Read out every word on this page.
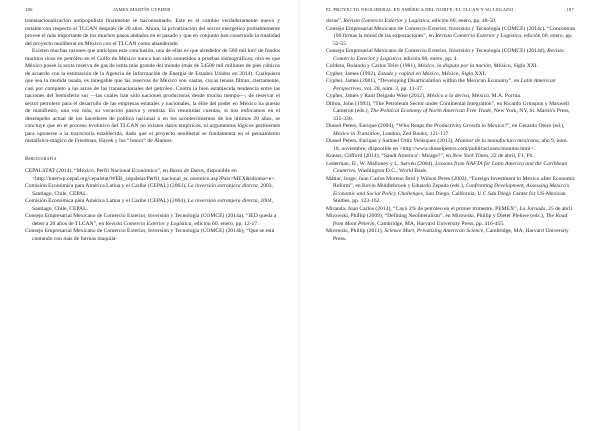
186	JAMES MARTÍN CYPHER

transnacionalización antipopulista finalmente se haconsumado. Este es el cambio verdaderamente nuevo y notable con respecto al TLCAN después de 20 años. Ahora, la privatización del sector energético probablemente provee el más importante de los muchos pasos andados en el pasado y que en conjunto han construido la totalidad del proyecto neoliberal en México con el TLCAN como abanderado.

Existen muchas razones que anticipan esta conclusión, una de ellas es que alrededor de 500 mil km² de fondos marinos ricos en petróleo en el Golfo de México nunca han sido sometidos a pruebas sismográficas; otra es que México posee la sexta reserva de gas de lutita más grande del mundo (más de 54500 mil millones de pies cúbicos de acuerdo con la estimación de la Agencia de Información de Energía de Estados Unidos en 2014). Cualquiera que sea la medida usada, es innegable que las reservas de México son vastas, cuyas tensas filtran, ciertamente, casi por completo a las arcas de las transnacionales del petróleo. Contra la bien establecida tendencia entre las naciones del hemisferio sur —las cuales han sido naciones productoras desde mucho tiempo—, de reservar el sector petrolero para el desarrollo de las empresas estatales y nacionales, la élite del poder en México ha puesto de manifiesto, una vez más, su vocación pasiva y rentista. En resumidas cuentas, si nos enfocamos en el desempeño actual de los hacedores de política nacional o en los acontecimientos de los últimos 20 años, se concluye que en el proceso evolutivo del TLCAN no existen datos empíricos, ni argumentos lógicos pertinentes para oponerse a la trayectoria establecida, dado que el proyecto neoliberal se fundamenta en el pensamiento metafísico-mágico de Friedman, Hayek y los “Junior” de Álamos.

Bibliografía

CEPALSTAT (2014), “México, Perfil Nacional Económico”, en Bases de Datos, disponible en <http://interwp.cepal.org/cepalstat/WEB_cepalstat/Perfil_nacional_ec onomico.asp?Pais=MEX&idioma=e>.

Comisión Económica para América Latina y el Caribe (CEPAL) (2003), La inversión extranjera directa, 2003, Santiago, Chile, CEPAL.

Comisión Económica para América Latina y el Caribe (CEPAL) (2004), La inversión extranjera directa, 2004, Santiago, Chile, CEPAL.

Consejo Empresarial Mexicano de Comercio Exterior, Inversión y Tecnología (COMCE) (2014a), “IED queda a deber a 20 años de TLCAN”, en Revista Comercio Exterior y Logística, edición 60, enero, pp. 12-17.

Consejo Empresarial Mexicano de Comercio Exterior, Inversión y Tecnología (COMCE) (2014b), “Que se está contando con más de formas maquila-

EL PROYECTO NEOLIBERAL EN AMÉRICA DEL NORTE: EL TLCAN Y SU LEGADO	187

doras”, Revista Comercio Exterior y Logística, edición 60, enero, pp. 48-50.

Consejo Empresarial Mexicano de Comercio Exterior, Inversión y Tecnología (COMCE) (2014c), “Concentran 100 firmas la mitad de las exportaciones”, en Revista Comercio Exterior y Logística, edición 60, enero, pp. 52-55.

Consejo Empresarial Mexicano de Comercio Exterior, Inversión y Tecnología (COMCE) (2014d), Revista Comercio Exterior y Logística, edición 60, enero, pp. 4.

Cordera, Rolando y Carlos Tello (1981), México, la disputa por la nación, México, Siglo XXI.

Cypher, James (1992), Estado y capital en México, México, Siglo XXI.

Cypher, James (2001), “Developing Disarticulation within the Mexican Economy”, en Latin American Perspectives, vol. 28, núm. 3, pp. 11-37.

Cypher, James y Raúl Delgado Wise (2012), México a la deriva, México, M.A. Porrúa.

Dillon, John (1993), “The Petroleum Sector under Continental Integration”, en Ricardo Grinspun y Maxwell Cameron (eds.), The Political Economy of North American Free Trade, New York, NY, St. Martin's Press, 315-330.

Dussel Peters, Enrique (2004), “Who Reaps the Productivity Growth in Mexico?”, en Gerardo Otero (ed.), Mexico in Transition, London, Zed Books, 121-137.

Dussel Peters, Enrique y Samuel Ortiz Velásquez (2013), Monitor de la manufactura mexicana, año 9, núm. 10, noviembre, disponible en <http://www.dusselpeters.com/publicaciones/monitor.html>.

Krauss, Clifford (2014), “Saudi America’: Mirage?”, en New York Times, 22 de abril, F1, F6.

Lederman, D., W. Malloney y L. Servén (2004), Lessons from NAFTA for Latin America and the Caribbean Countries, Washington D.C., World Bank.

Máttar, Jorge; Juan Carlos Moreno Brid y Wilson Peres (2003), “Foreign Investment in Mexico after Economic Reform”, en Kevin Middlebrook y Eduardo Zepeda (eds.), Confronting Development, Assessing Mexico's Economic and Social Policy Challenges, San Diego, California, U C San Diego Center for US-Mexican Studies, pp. 123-162.

Miranda, Juan Carlos (2014), “Cayó 2% de petróleo en el primer trimestre, PEMEX”, La Jornada, 25 de abril.

Mirowski, Phillip (2009), “Defining Neoliberalism”, en Mirowski, Phillip y Dieter Plehwe (eds.), The Road from Mont Pèlerin, Cambridge, MA, Harvard University Press, pp. 416-455.

Mirowski, Phillip (2011), Science Mart, Privatizing American Science, Cambridge, MA, Harvard University Press.
